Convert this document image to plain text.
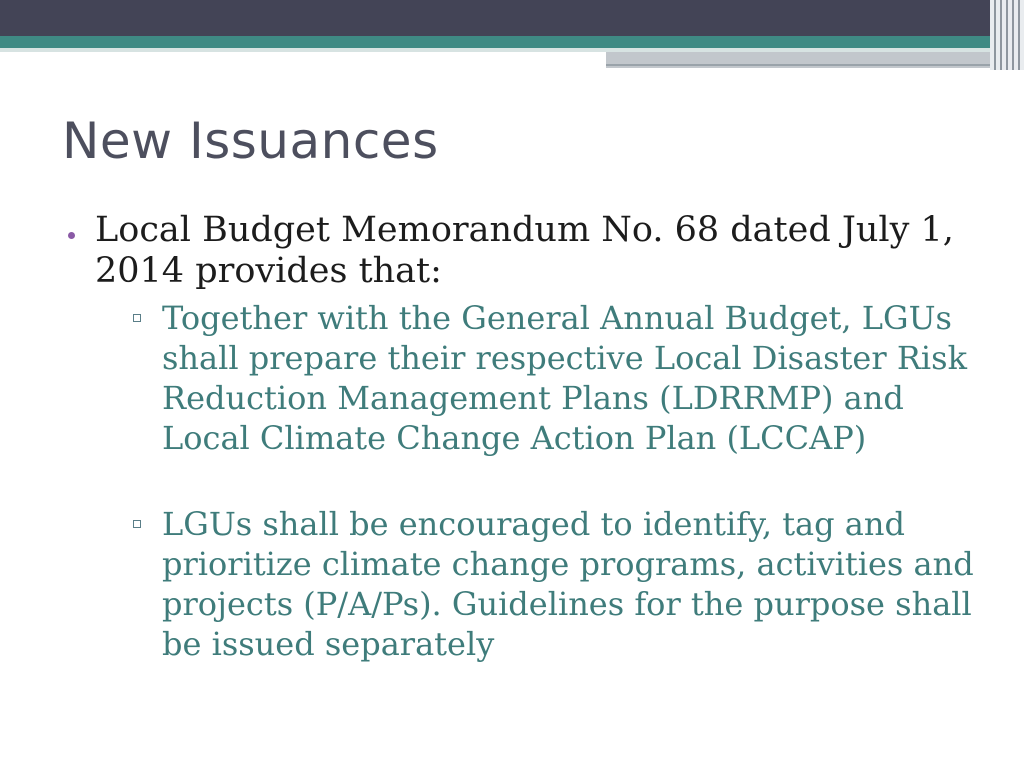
New Issuances
Local Budget Memorandum No. 68 dated July 1, 2014 provides that:
Together with the General Annual Budget, LGUs shall prepare their respective Local Disaster Risk Reduction Management Plans (LDRRMP) and Local Climate Change Action Plan (LCCAP)
LGUs shall be encouraged to identify, tag and prioritize climate change programs, activities and projects (P/A/Ps). Guidelines for the purpose shall be issued separately
